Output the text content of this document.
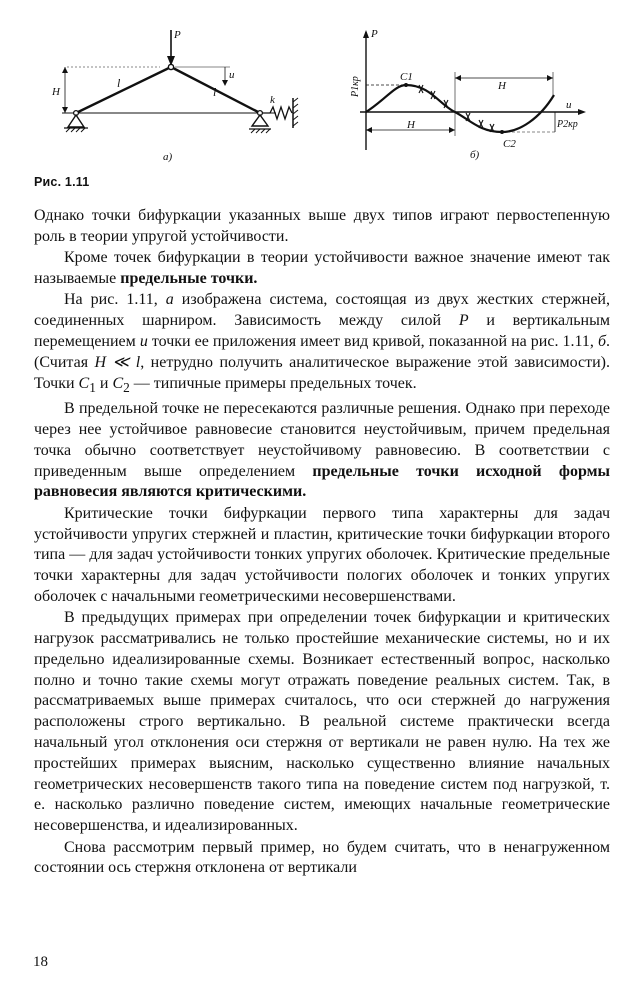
P
k
H
u
l
l
а)
P
u
C1
C2
P1кр
P2кр
H
H
б)
Рис. 1.11

Однако точки бифуркации указанных выше двух типов играют первостепенную роль в теории упругой устойчивости.

Кроме точек бифуркации в теории устойчивости важное значение имеют так называемые предельные точки.

На рис. 1.11, а изображена система, состоящая из двух жестких стержней, соединенных шарниром. Зависимость между силой P и вертикальным перемещением u точки ее приложения имеет вид кривой, показанной на рис. 1.11, б. (Считая H ≪ l, нетрудно получить аналитическое выражение этой зависимости). Точки $C_1$ и $C_2$ — типичные примеры предельных точек.

В предельной точке не пересекаются различные решения. Однако при переходе через нее устойчивое равновесие становится неустойчивым, причем предельная точка обычно соответствует неустойчивому равновесию. В соответствии с приведенным выше определением предельные точки исходной формы равновесия являются критическими.

Критические точки бифуркации первого типа характерны для задач устойчивости упругих стержней и пластин, критические точки бифуркации второго типа — для задач устойчивости тонких упругих оболочек. Критические предельные точки характерны для задач устойчивости пологих оболочек и тонких упругих оболочек с начальными геометрическими несовершенствами.

В предыдущих примерах при определении точек бифуркации и критических нагрузок рассматривались не только простейшие механические системы, но и их предельно идеализированные схемы. Возникает естественный вопрос, насколько полно и точно такие схемы могут отражать поведение реальных систем. Так, в рассматриваемых выше примерах считалось, что оси стержней до нагружения расположены строго вертикально. В реальной системе практически всегда начальный угол отклонения оси стержня от вертикали не равен нулю. На тех же простейших примерах выясним, насколько существенно влияние начальных геометрических несовершенств такого типа на поведение систем под нагрузкой, т. е. насколько различно поведение систем, имеющих начальные геометрические несовершенства, и идеализированных.

Снова рассмотрим первый пример, но будем считать, что в ненагруженном состоянии ось стержня отклонена от вертикали

18
